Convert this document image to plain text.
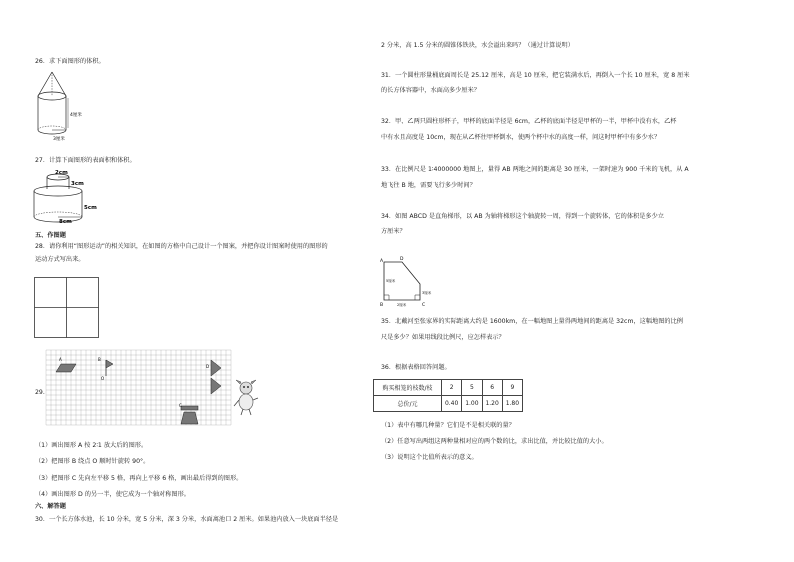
26．求下面图形的体积。
4厘米
3厘米
27．计算下面图形的表面积和体积。
2cm
3cm
5cm
8cm
五、作图题
28．请你利用“图形运动”的相关知识，在如图的方格中自己设计一个图案，并把你设计图案时使用的图形的
运动方式写出来。
29.
A
O
B
D
C
（1）画出图形 A 按 2∶1 放大后的图形。
（2）把图形 B 绕点 O 顺时针旋转 90°。
（3）把图形 C 先向左平移 5 格，再向上平移 6 格，画出最后得到的图形。
（4）画出图形 D 的另一半，使它成为一个轴对称图形。
六、解答题
30．一个长方体水池，长 10 分米，宽 5 分米，深 3 分米，水面离池口 2 厘米。如果池内放入一块底面半径是
2 分米，高 1.5 分米的圆锥体铁块，水会溢出来吗？（通过计算说明）
31．一个圆柱形量桶底面周长是 25.12 厘米，高是 10 厘米，把它装满水后，再倒入一个长 10 厘米，宽 8 厘米
的长方体容器中，水面高多少厘米？
32．甲、乙两只圆柱形杯子，甲杯的底面半径是 6cm，乙杯的底面半径是甲杯的一半，甲杯中没有水，乙杯
中有水且高度是 10cm，现在从乙杯往甲杯倒水，使两个杯中水的高度一样，问这时甲杯中有多少水？
33．在比例尺是 1∶4000000 地图上，量得 AB 两地之间的距离是 30 厘米，一架时速为 900 千米的飞机，从 A
地飞往 B 地，需要飞行多少时间？
34．如图 ABCD 是直角梯形，以 AB 为轴将梯形这个轴旋转一周，得到一个旋转体，它的体积是多少立
方厘米？
A
B	C
D
5厘米
3厘米
2厘米
35．北戴河至张家界的实际距离大约是 1600km，在一幅地图上量得两地间的距离是 32cm，这幅地图的比例
尺是多少？如果用线段比例尺，应怎样表示？
36．根据表格回答问题。
购买相笼的枝数/枝	2	5	6	9
总价/元	0.40	1.00	1.20	1.80
（1）表中有哪几种量？它们是不是相关联的量？
（2）任意写出两组这两种量相对应的两个数的比，求出比值，并比较比值的大小。
（3）说明这个比值所表示的意义。
